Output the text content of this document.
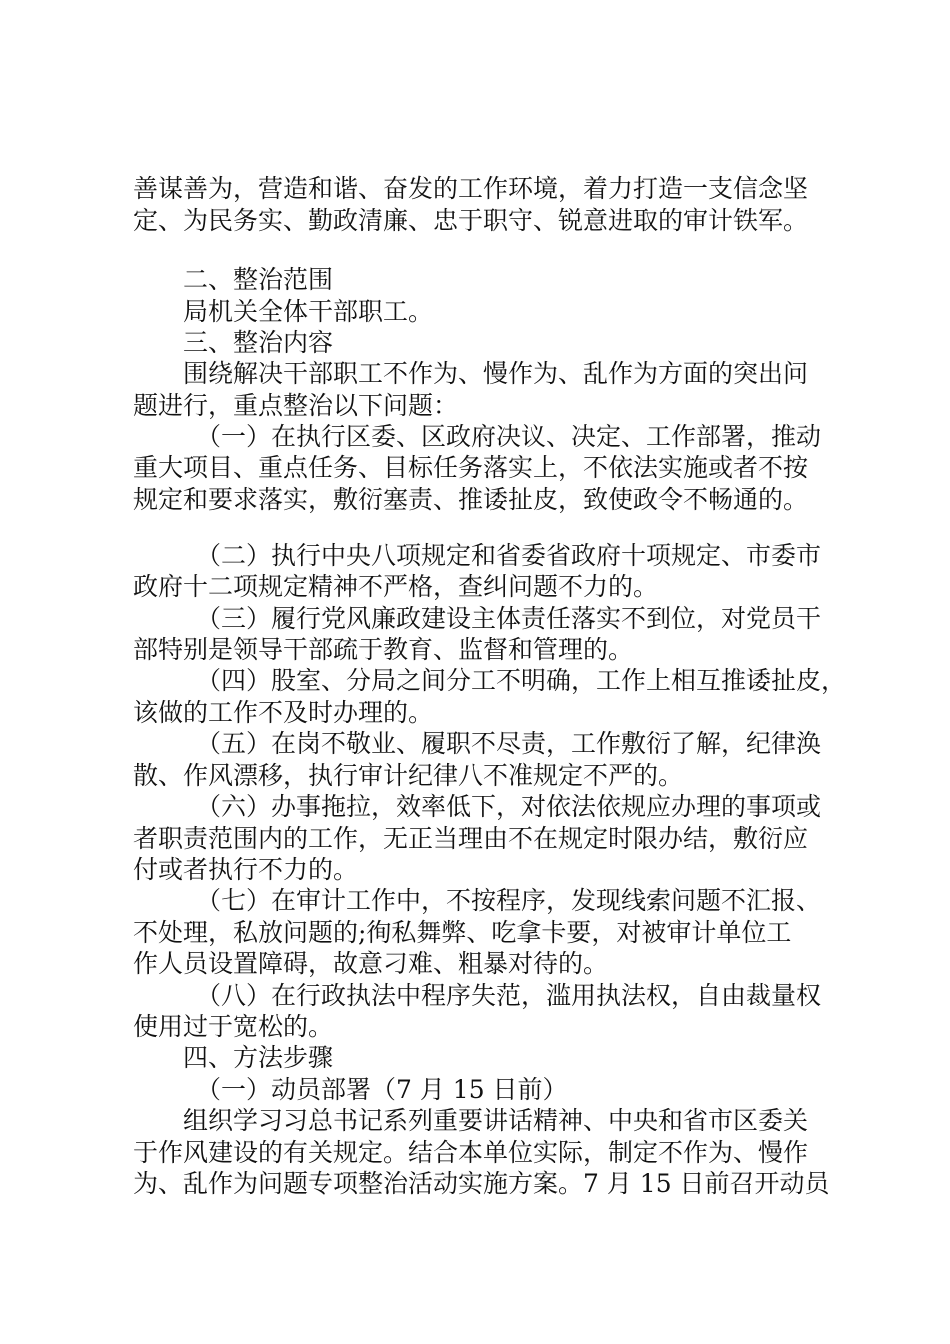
善谋善为，营造和谐、奋发的工作环境，着力打造一支信念坚

定、为民务实、勤政清廉、忠于职守、锐意进取的审计铁军。

二、整治范围

局机关全体干部职工。

三、整治内容

围绕解决干部职工不作为、慢作为、乱作为方面的突出问

题进行，重点整治以下问题：

（一）在执行区委、区政府决议、决定、工作部署，推动

重大项目、重点任务、目标任务落实上，不依法实施或者不按

规定和要求落实，敷衍塞责、推诿扯皮，致使政令不畅通的。

（二）执行中央八项规定和省委省政府十项规定、市委市

政府十二项规定精神不严格，查纠问题不力的。

（三）履行党风廉政建设主体责任落实不到位，对党员干

部特别是领导干部疏于教育、监督和管理的。

（四）股室、分局之间分工不明确，工作上相互推诿扯皮，

该做的工作不及时办理的。

（五）在岗不敬业、履职不尽责，工作敷衍了解，纪律涣

散、作风漂移，执行审计纪律八不准规定不严的。

（六）办事拖拉，效率低下，对依法依规应办理的事项或

者职责范围内的工作，无正当理由不在规定时限办结，敷衍应

付或者执行不力的。

（七）在审计工作中，不按程序，发现线索问题不汇报、

不处理，私放问题的;徇私舞弊、吃拿卡要，对被审计单位工

作人员设置障碍，故意刁难、粗暴对待的。

（八）在行政执法中程序失范，滥用执法权，自由裁量权

使用过于宽松的。

四、方法步骤

（一）动员部署（7 月 15 日前）

组织学习习总书记系列重要讲话精神、中央和省市区委关

于作风建设的有关规定。结合本单位实际，制定不作为、慢作

为、乱作为问题专项整治活动实施方案。7 月 15 日前召开动员
